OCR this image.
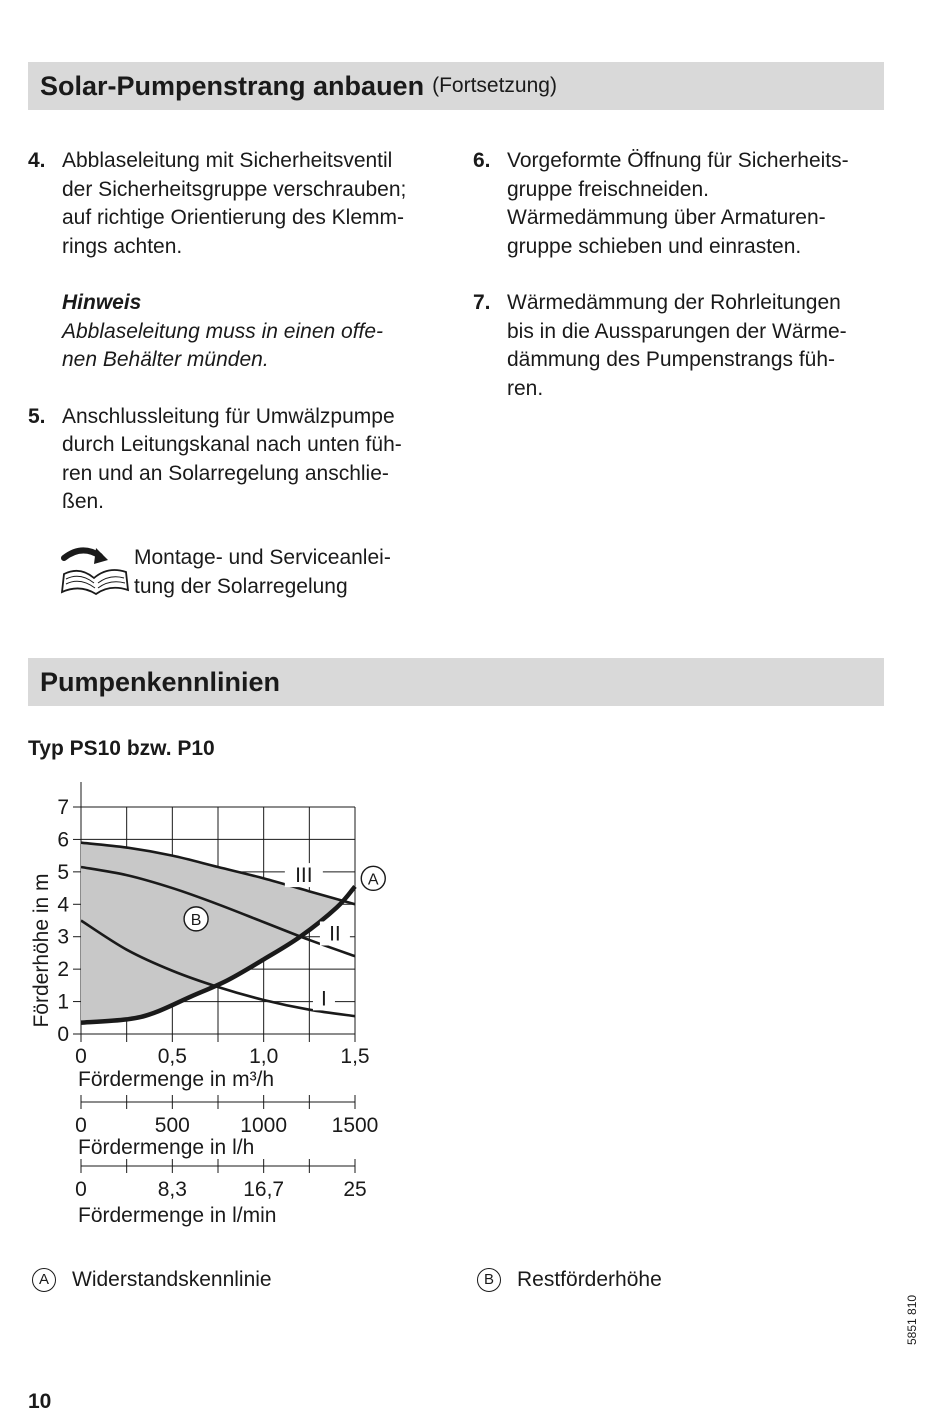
Solar-Pumpenstrang anbauen (Fortsetzung)
4. Abblaseleitung mit Sicherheitsventil
der Sicherheitsgruppe verschrauben;
auf richtige Orientierung des Klemm-
rings achten.
Hinweis
Abblaseleitung muss in einen offe-
nen Behälter münden.
5. Anschlussleitung für Umwälzpumpe
durch Leitungskanal nach unten füh-
ren und an Solarregelung anschlie-
ßen.
6. Vorgeformte Öffnung für Sicherheits-
gruppe freischneiden.
Wärmedämmung über Armaturen-
gruppe schieben und einrasten.
7. Wärmedämmung der Rohrleitungen
bis in die Aussparungen der Wärme-
dämmung des Pumpenstrangs füh-
ren.
Montage- und Serviceanlei-
tung der Solarregelung
Pumpenkennlinien
Typ PS10 bzw. P10
0
1
2
3
4
5
6
7
0	0,5	1,0	1,5
III
II
I
A
B
Förderhöhe in m
Fördermenge in m³/h
0	500 1000 1500
Fördermenge in l/h
0	8,3	16,7	25
Fördermenge in l/min
A	Widerstandskennlinie	B	Restförderhöhe
5851 810
10
